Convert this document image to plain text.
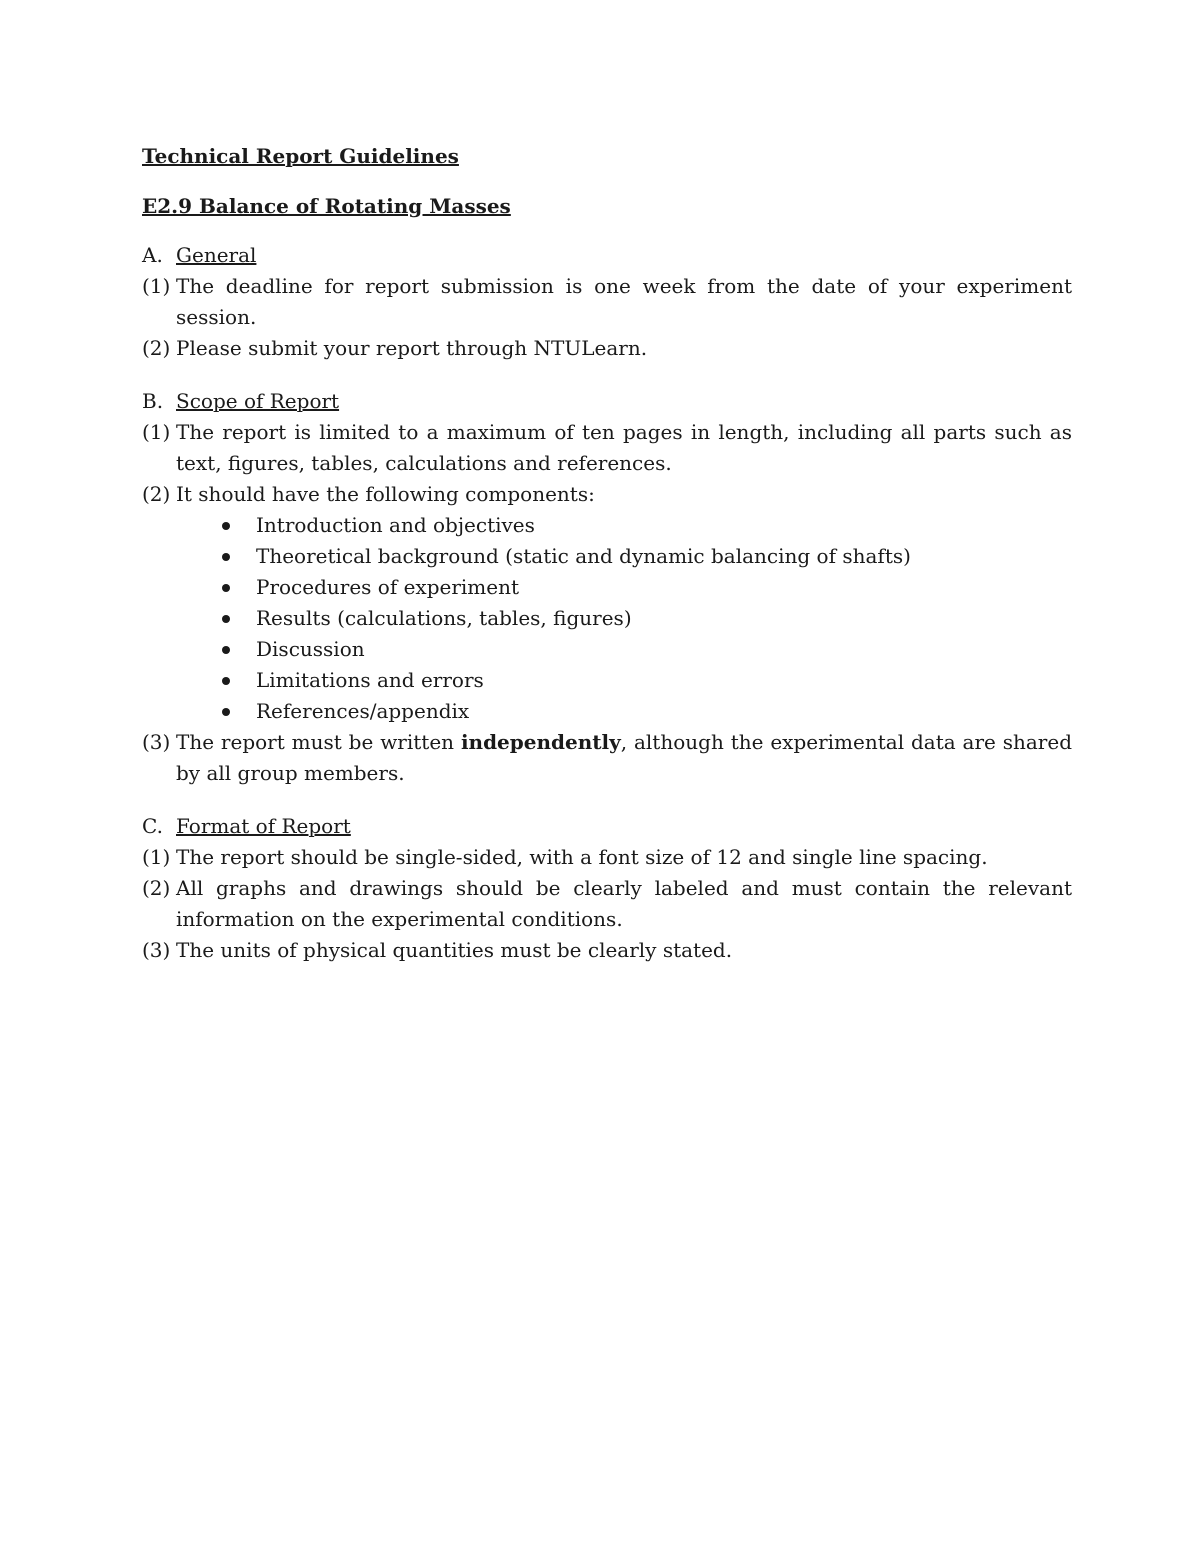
Technical Report Guidelines
E2.9 Balance of Rotating Masses
A. General
(1) The deadline for report submission is one week from the date of your experiment session.
(2) Please submit your report through NTULearn.
B. Scope of Report
(1) The report is limited to a maximum of ten pages in length, including all parts such as text, figures, tables, calculations and references.
(2) It should have the following components:
Introduction and objectives
Theoretical background (static and dynamic balancing of shafts)
Procedures of experiment
Results (calculations, tables, figures)
Discussion
Limitations and errors
References/appendix
(3) The report must be written independently, although the experimental data are shared by all group members.
C. Format of Report
(1) The report should be single-sided, with a font size of 12 and single line spacing.
(2) All graphs and drawings should be clearly labeled and must contain the relevant information on the experimental conditions.
(3) The units of physical quantities must be clearly stated.
